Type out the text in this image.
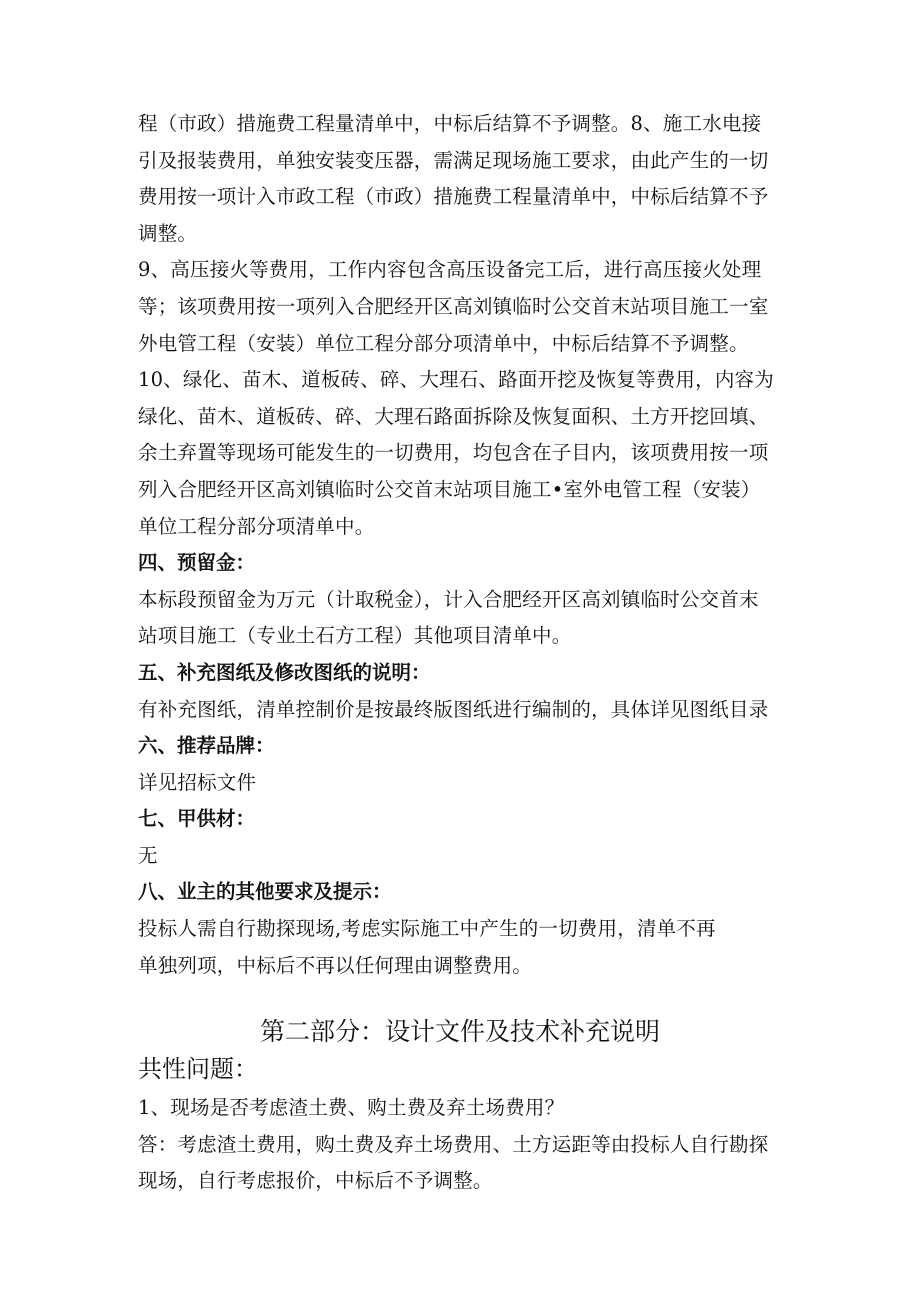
程（市政）措施费工程量清单中，中标后结算不予调整。8、施工水电接

引及报装费用，单独安装变压器，需满足现场施工要求，由此产生的一切

费用按一项计入市政工程（市政）措施费工程量清单中，中标后结算不予

调整。

9、高压接火等费用，工作内容包含高压设备完工后，进行高压接火处理

等；该项费用按一项列入合肥经开区高刘镇临时公交首末站项目施工一室

外电管工程（安装）单位工程分部分项清单中，中标后结算不予调整。

10、绿化、苗木、道板砖、碎、大理石、路面开挖及恢复等费用，内容为

绿化、苗木、道板砖、碎、大理石路面拆除及恢复面积、土方开挖回填、

余土弃置等现场可能发生的一切费用，均包含在子目内，该项费用按一项

列入合肥经开区高刘镇临时公交首末站项目施工•室外电管工程（安装）

单位工程分部分项清单中。

四、预留金：

本标段预留金为万元（计取税金），计入合肥经开区高刘镇临时公交首末

站项目施工（专业土石方工程）其他项目清单中。

五、补充图纸及修改图纸的说明：

有补充图纸，清单控制价是按最终版图纸进行编制的，具体详见图纸目录

六、推荐品牌：

详见招标文件

七、甲供材：

无

八、业主的其他要求及提示：

投标人需自行勘探现场,考虑实际施工中产生的一切费用，清单不再

单独列项，中标后不再以任何理由调整费用。

第二部分：设计文件及技术补充说明

共性问题：

1、现场是否考虑渣土费、购土费及弃土场费用？

答：考虑渣土费用，购土费及弃土场费用、土方运距等由投标人自行勘探

现场，自行考虑报价，中标后不予调整。
